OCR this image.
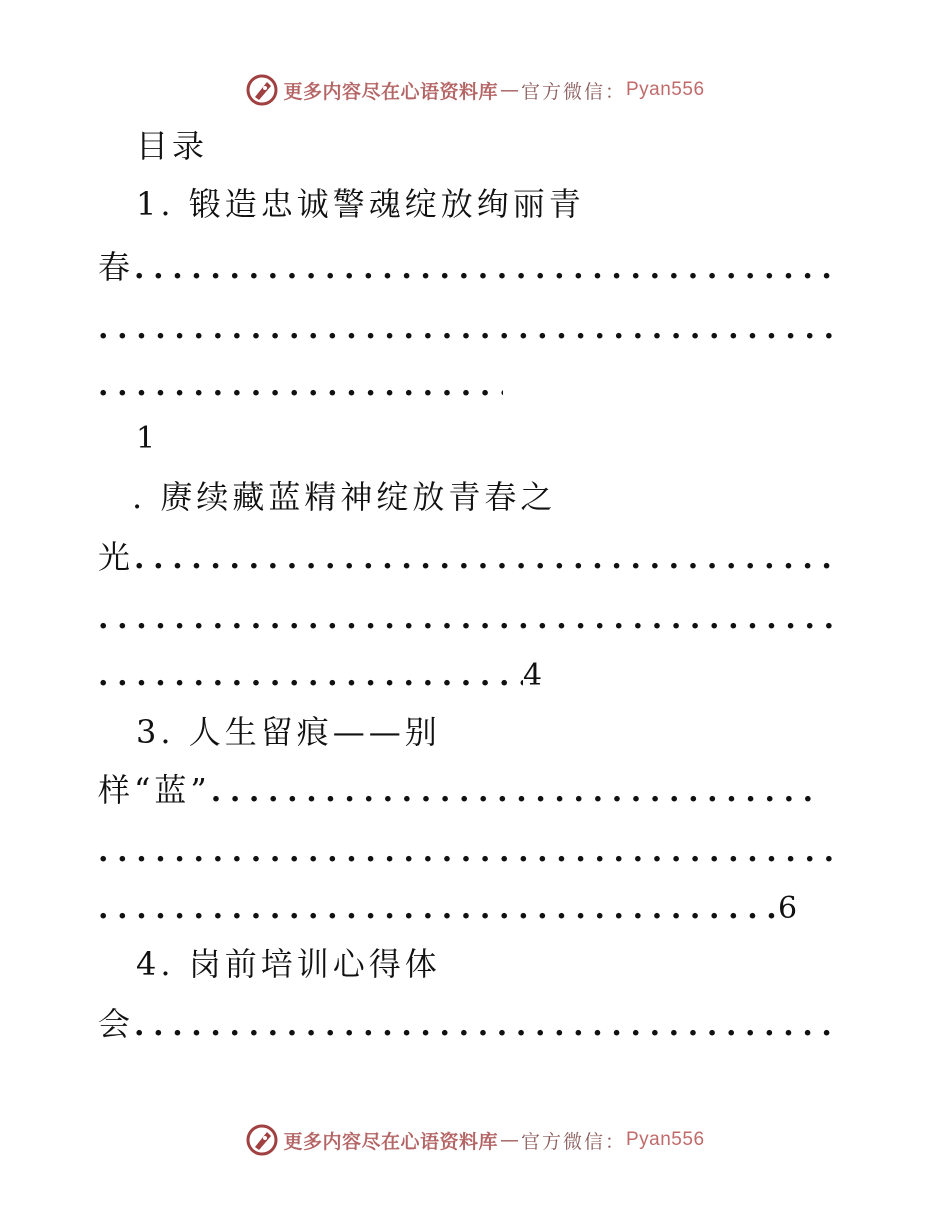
更多内容尽在心语资料库 — 官方微信： Pyan556
目录
1. 锻造忠诚警魂绽放绚丽青
春.....
.....
.....
1
. 赓续藏蓝精神绽放青春之
光.....
.....
.....4
3. 人生留痕——别
样“蓝”.....
.....
.....6
4. 岗前培训心得体
会.....
更多内容尽在心语资料库 — 官方微信： Pyan556
